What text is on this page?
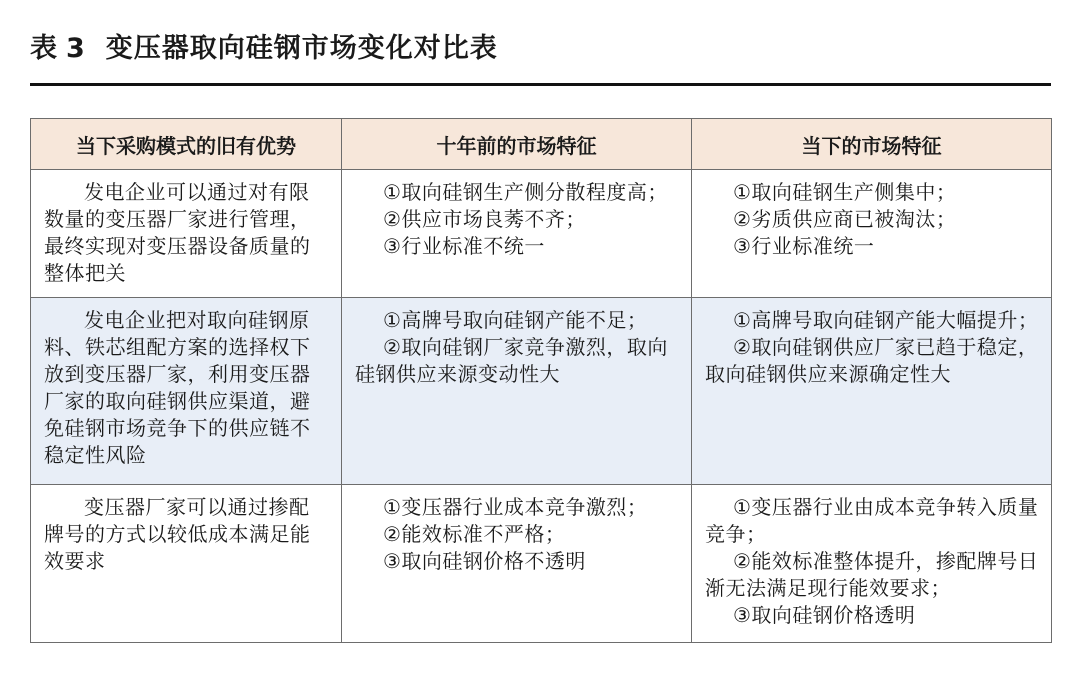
表 3 变压器取向硅钢市场变化对比表
当下采购模式的旧有优势	十年前的市场特征	当下的市场特征

发电企业可以通过对有限数量的变压器厂家进行管理，最终实现对变压器设备质量的整体把关	①取向硅钢生产侧分散程度高；
②供应市场良莠不齐；
③行业标准不统一	①取向硅钢生产侧集中；
②劣质供应商已被淘汰；
③行业标准统一

发电企业把对取向硅钢原料、铁芯组配方案的选择权下放到变压器厂家，利用变压器厂家的取向硅钢供应渠道，避免硅钢市场竞争下的供应链不稳定性风险	①高牌号取向硅钢产能不足；
②取向硅钢厂家竞争激烈，取向硅钢供应来源变动性大	①高牌号取向硅钢产能大幅提升；
②取向硅钢供应厂家已趋于稳定，取向硅钢供应来源确定性大

变压器厂家可以通过掺配牌号的方式以较低成本满足能效要求	①变压器行业成本竞争激烈；
②能效标准不严格；
③取向硅钢价格不透明	①变压器行业由成本竞争转入质量竞争；
②能效标准整体提升，掺配牌号日渐无法满足现行能效要求；
③取向硅钢价格透明
